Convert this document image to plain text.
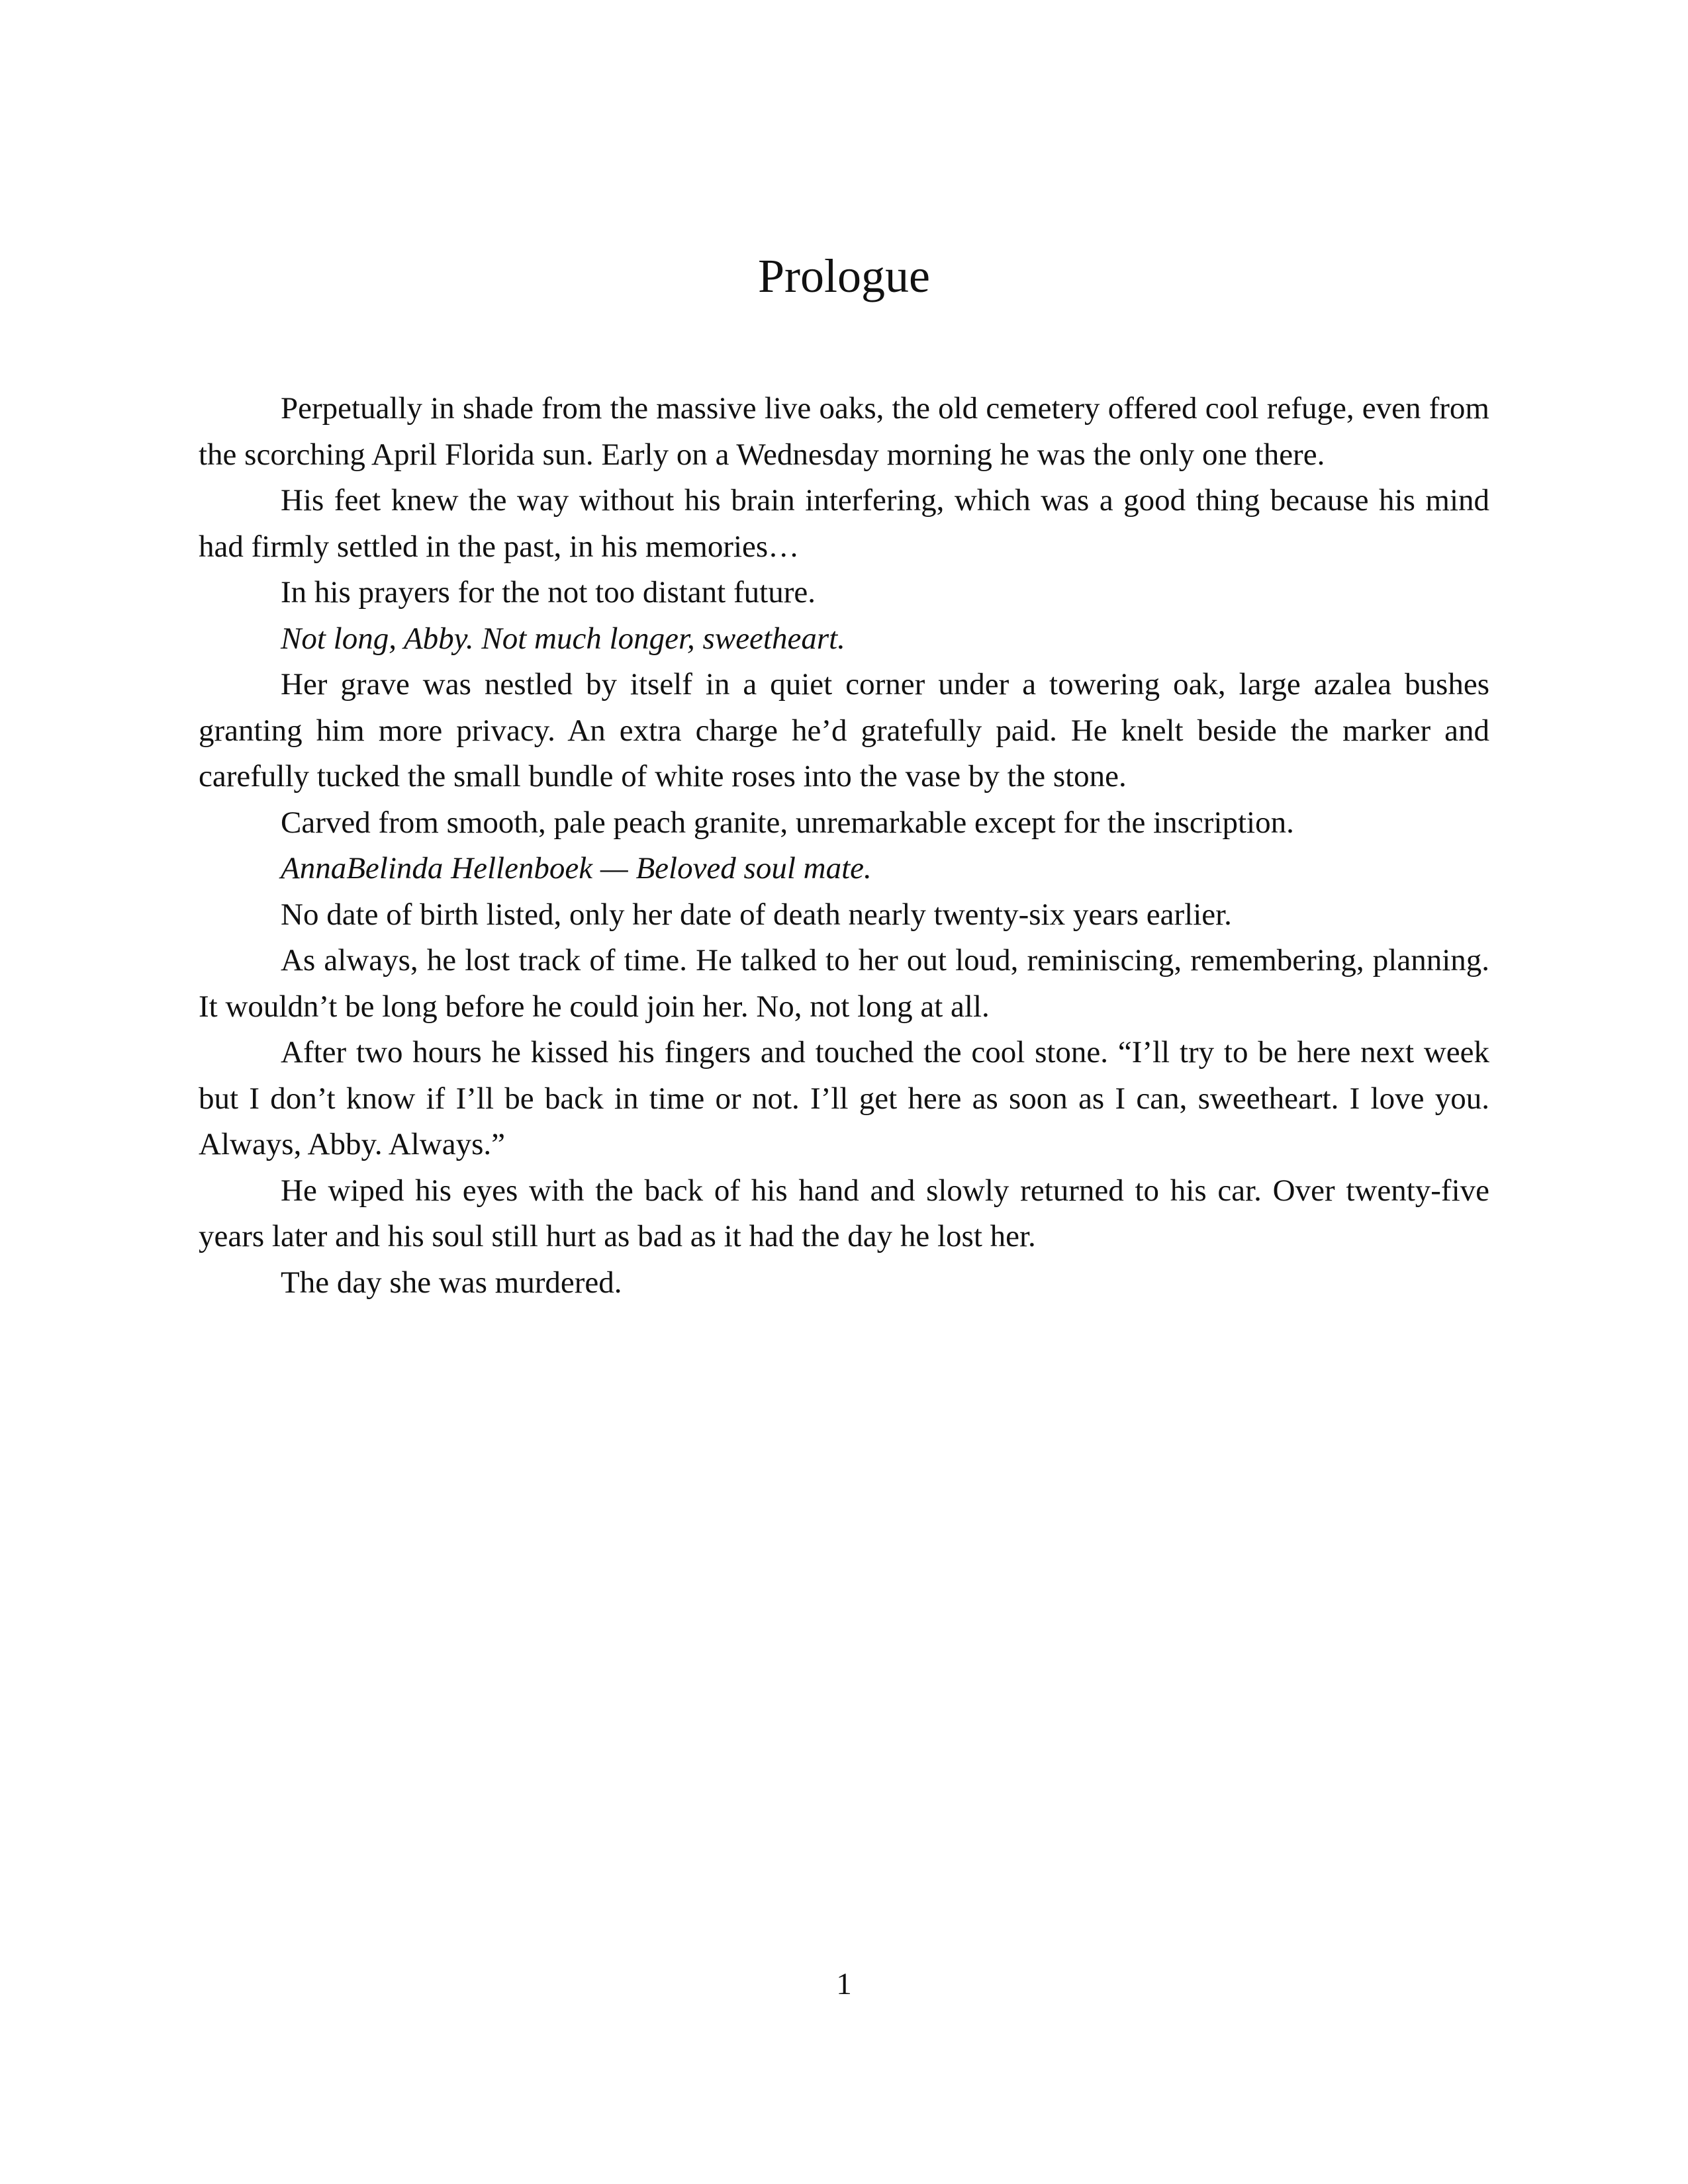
Prologue

Perpetually in shade from the massive live oaks, the old cemetery offered cool refuge, even from the scorching April Florida sun. Early on a Wednesday morning he was the only one there.

His feet knew the way without his brain interfering, which was a good thing because his mind had firmly settled in the past, in his memories…

In his prayers for the not too distant future.

Not long, Abby. Not much longer, sweetheart.

Her grave was nestled by itself in a quiet corner under a towering oak, large azalea bushes granting him more privacy. An extra charge he’d gratefully paid. He knelt beside the marker and carefully tucked the small bundle of white roses into the vase by the stone.

Carved from smooth, pale peach granite, unremarkable except for the inscription.

AnnaBelinda Hellenboek — Beloved soul mate.

No date of birth listed, only her date of death nearly twenty-six years earlier.

As always, he lost track of time. He talked to her out loud, reminiscing, remembering, planning. It wouldn’t be long before he could join her. No, not long at all.

After two hours he kissed his fingers and touched the cool stone. “I’ll try to be here next week but I don’t know if I’ll be back in time or not. I’ll get here as soon as I can, sweetheart. I love you. Always, Abby. Always.”

He wiped his eyes with the back of his hand and slowly returned to his car. Over twenty-five years later and his soul still hurt as bad as it had the day he lost her.

The day she was murdered.

1
